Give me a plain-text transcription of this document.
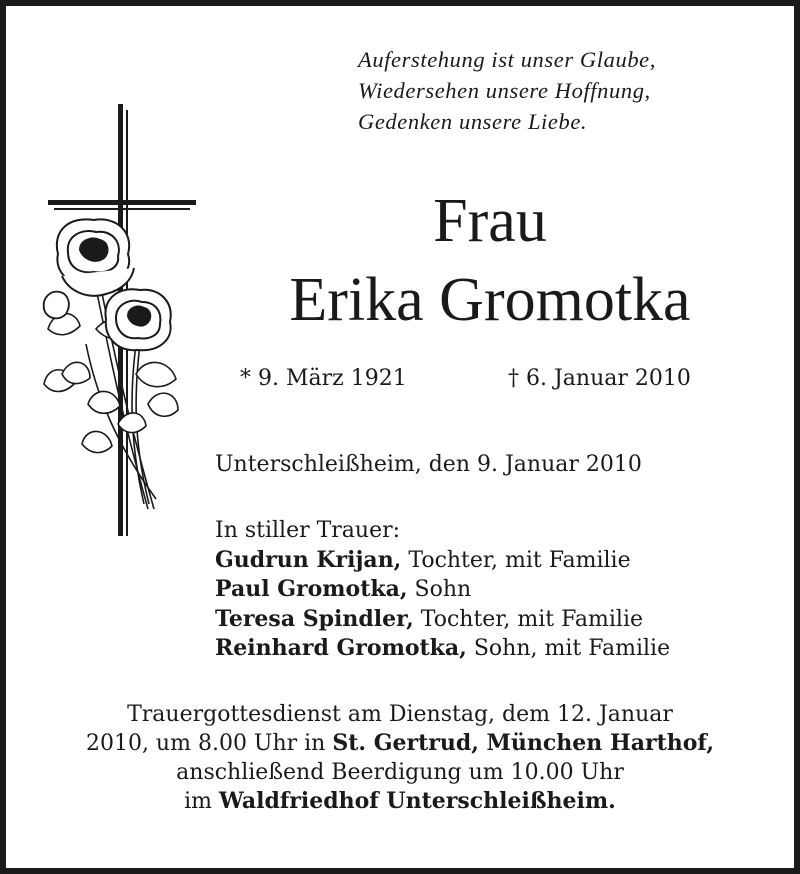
Auferstehung ist unser Glaube,
Wiedersehen unsere Hoffnung,
Gedenken unsere Liebe.
Frau
Erika Gromotka
* 9. März 1921	† 6. Januar 2010
Unterschleißheim, den 9. Januar 2010
In stiller Trauer:
Gudrun Krijan, Tochter, mit Familie
Paul Gromotka, Sohn
Teresa Spindler, Tochter, mit Familie
Reinhard Gromotka, Sohn, mit Familie
Trauergottesdienst am Dienstag, dem 12. Januar
2010, um 8.00 Uhr in St. Gertrud, München Harthof,
anschließend Beerdigung um 10.00 Uhr
im Waldfriedhof Unterschleißheim.
